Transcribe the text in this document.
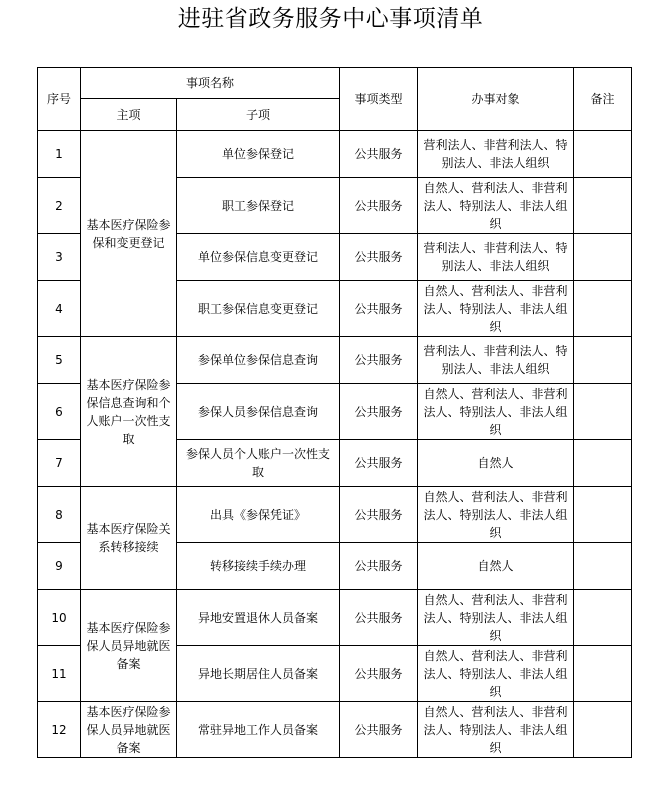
进驻省政务服务中心事项清单
序号	事项名称		事项类型	办事对象	备注
	主项	子项			
1	基本医疗保险参保和变更登记	单位参保登记	公共服务	营利法人、非营利法人、特别法人、非法人组织	
2		职工参保登记	公共服务	自然人、营利法人、非营利法人、特别法人、非法人组织	
3		单位参保信息变更登记	公共服务	营利法人、非营利法人、特别法人、非法人组织	
4		职工参保信息变更登记	公共服务	自然人、营利法人、非营利法人、特别法人、非法人组织	
5	基本医疗保险参保信息查询和个人账户一次性支取	参保单位参保信息查询	公共服务	营利法人、非营利法人、特别法人、非法人组织	
6		参保人员参保信息查询	公共服务	自然人、营利法人、非营利法人、特别法人、非法人组织	
7		参保人员个人账户一次性支取	公共服务	自然人	
8	基本医疗保险关系转移接续	出具《参保凭证》	公共服务	自然人、营利法人、非营利法人、特别法人、非法人组织	
9		转移接续手续办理	公共服务	自然人	
10	基本医疗保险参保人员异地就医备案	异地安置退休人员备案	公共服务	自然人、营利法人、非营利法人、特别法人、非法人组织	
11		异地长期居住人员备案	公共服务	自然人、营利法人、非营利法人、特别法人、非法人组织	
12	基本医疗保险参保人员异地就医备案	常驻异地工作人员备案	公共服务	自然人、营利法人、非营利法人、特别法人、非法人组织	
